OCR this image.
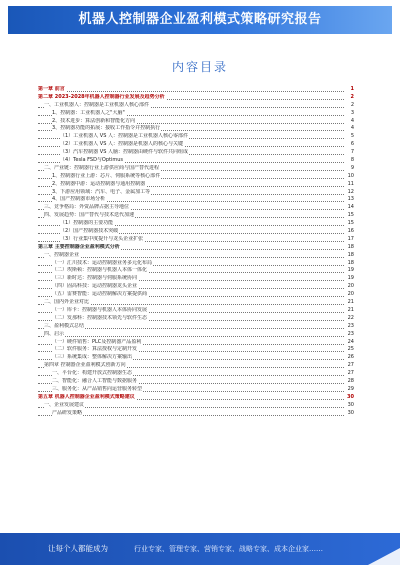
机器人控制器企业盈利模式策略研究报告
内容目录
第一章 前言	1
第二章 2023-2028年机器人控制器行业发展及趋势分析	2
一、工业机器人：控制器是工业机器人核心部件	2
1、控制器：工业机器人之"大脑"	3
2、技术进步：算法创新和智能化方向	4
3、控制器功能的拓展：接收工作指令并控制执行	4
（1）工业机器人 VS 人：控制器是工业机器人核心零部件	5
（2）工业机器人 VS 人：控制器是机器人的核心与关键	6
（3）汽车控制器 VS 人脑：控制器由硬件与软件共同组成	7
（4）Tesla FSD与Optimus	8
二、产业链：控制器行业上游供应商与国产替代进程	9
1、控制器行业上游：芯片、伺服系统等核心部件	10
2、控制器中游：运动控制器与通用控制器	11
3、下游应用领域：汽车、电子、金属加工等	12
4、国产控制器市场分析	13
三、竞争格局：外资品牌占据主导地位	14
四、发展趋势：国产替代与技术迭代加速	15
（1）控制器的主要功能	15
（2）国产控制器技术突破	16
（3）行业集中度提升与龙头企业扩张	17
第三章 主要控制器企业盈利模式分析	18
一、控制器企业	18
（一）汇川技术：运动控制器业务多元化布局	18
（二）埃斯顿：控制器与机器人本体一体化	19
（三）新时达：控制器与伺服系统协同	19
（四）固高科技：运动控制器龙头企业	20
（五）雷赛智能：运动控制解决方案提供商	20
二、国内外企业对比	21
（一）库卡：控制器与机器人本体协同发展	21
（二）发那科：控制器技术领先与软件生态	22
三、盈利模式总结	23
四、启示	23
（一）硬件销售：PLC及控制器产品盈利	24
（二）软件服务：算法授权与定制开发	25
（三）系统集成：整体解决方案输出	26
第四章 控制器企业盈利模式创新方向	27
一、平台化：构建开放式控制器生态	27
二、智能化：融合人工智能与数据服务	28
三、服务化：从产品销售向运营服务转型	29
第五章 机器人控制器企业盈利模式策略建议	30
一、企业发展建议	30
产品研发策略	30
让每个人都能成为	行业专家、管理专家、营销专家、战略专家、成本企业家……
